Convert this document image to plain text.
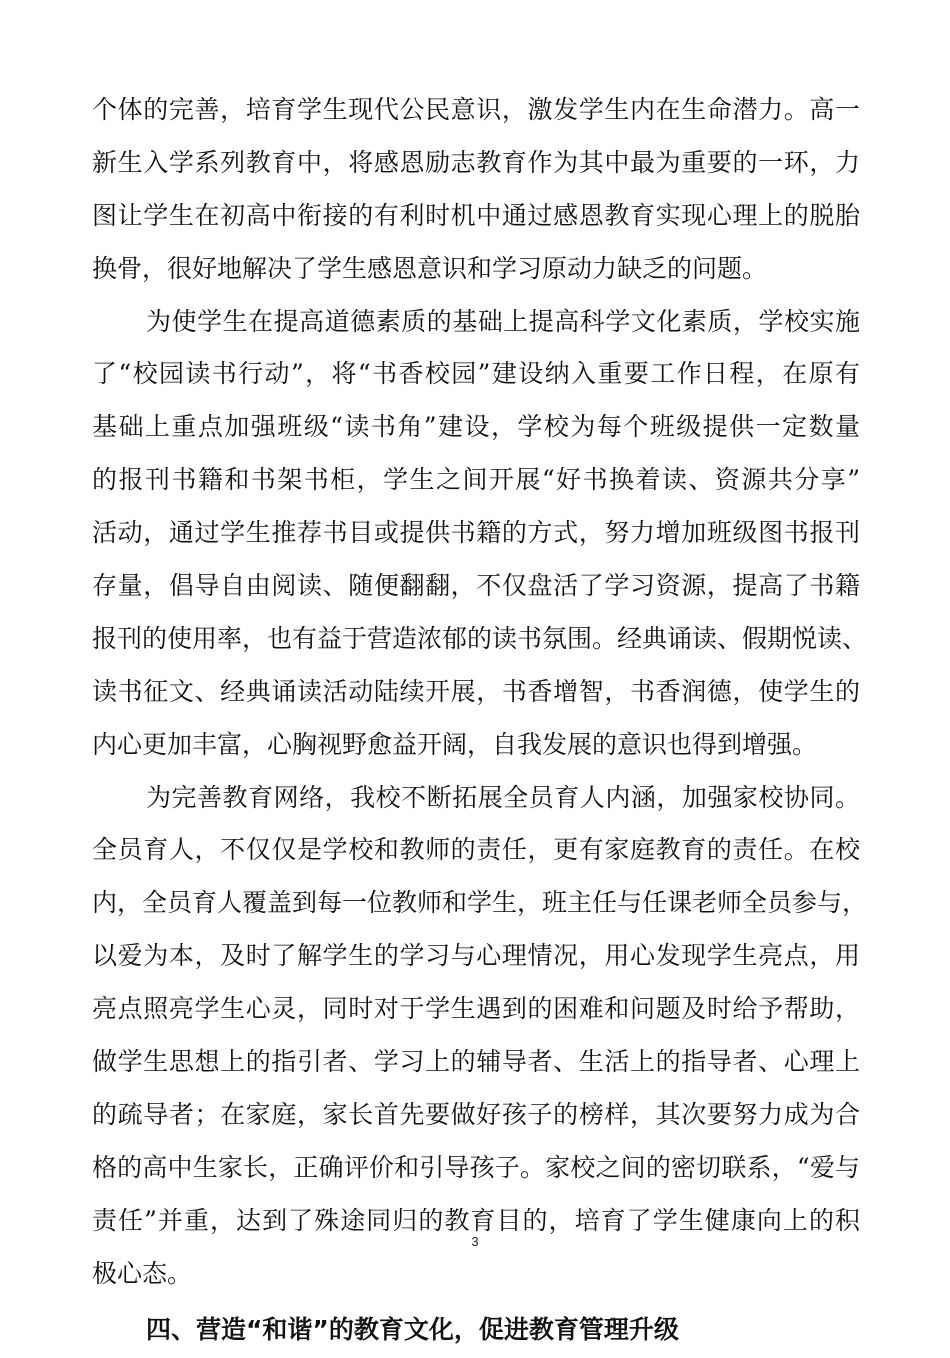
个体的完善，培育学生现代公民意识，激发学生内在生命潜力。高一
新生入学系列教育中，将感恩励志教育作为其中最为重要的一环，力
图让学生在初高中衔接的有利时机中通过感恩教育实现心理上的脱胎
换骨，很好地解决了学生感恩意识和学习原动力缺乏的问题。
为使学生在提高道德素质的基础上提高科学文化素质，学校实施
了“校园读书行动”，将“书香校园”建设纳入重要工作日程，在原有
基础上重点加强班级“读书角”建设，学校为每个班级提供一定数量
的报刊书籍和书架书柜，学生之间开展“好书换着读、资源共分享”
活动，通过学生推荐书目或提供书籍的方式，努力增加班级图书报刊
存量，倡导自由阅读、随便翻翻，不仅盘活了学习资源，提高了书籍
报刊的使用率，也有益于营造浓郁的读书氛围。经典诵读、假期悦读、
读书征文、经典诵读活动陆续开展，书香增智，书香润德，使学生的
内心更加丰富，心胸视野愈益开阔，自我发展的意识也得到增强。
为完善教育网络，我校不断拓展全员育人内涵，加强家校协同。
全员育人，不仅仅是学校和教师的责任，更有家庭教育的责任。在校
内，全员育人覆盖到每一位教师和学生，班主任与任课老师全员参与，
以爱为本，及时了解学生的学习与心理情况，用心发现学生亮点，用
亮点照亮学生心灵，同时对于学生遇到的困难和问题及时给予帮助，
做学生思想上的指引者、学习上的辅导者、生活上的指导者、心理上
的疏导者；在家庭，家长首先要做好孩子的榜样，其次要努力成为合
格的高中生家长，正确评价和引导孩子。家校之间的密切联系，“爱与
责任”并重，达到了殊途同归的教育目的，培育了学生健康向上的积
极心态。
四、营造“和谐”的教育文化，促进教育管理升级
3
